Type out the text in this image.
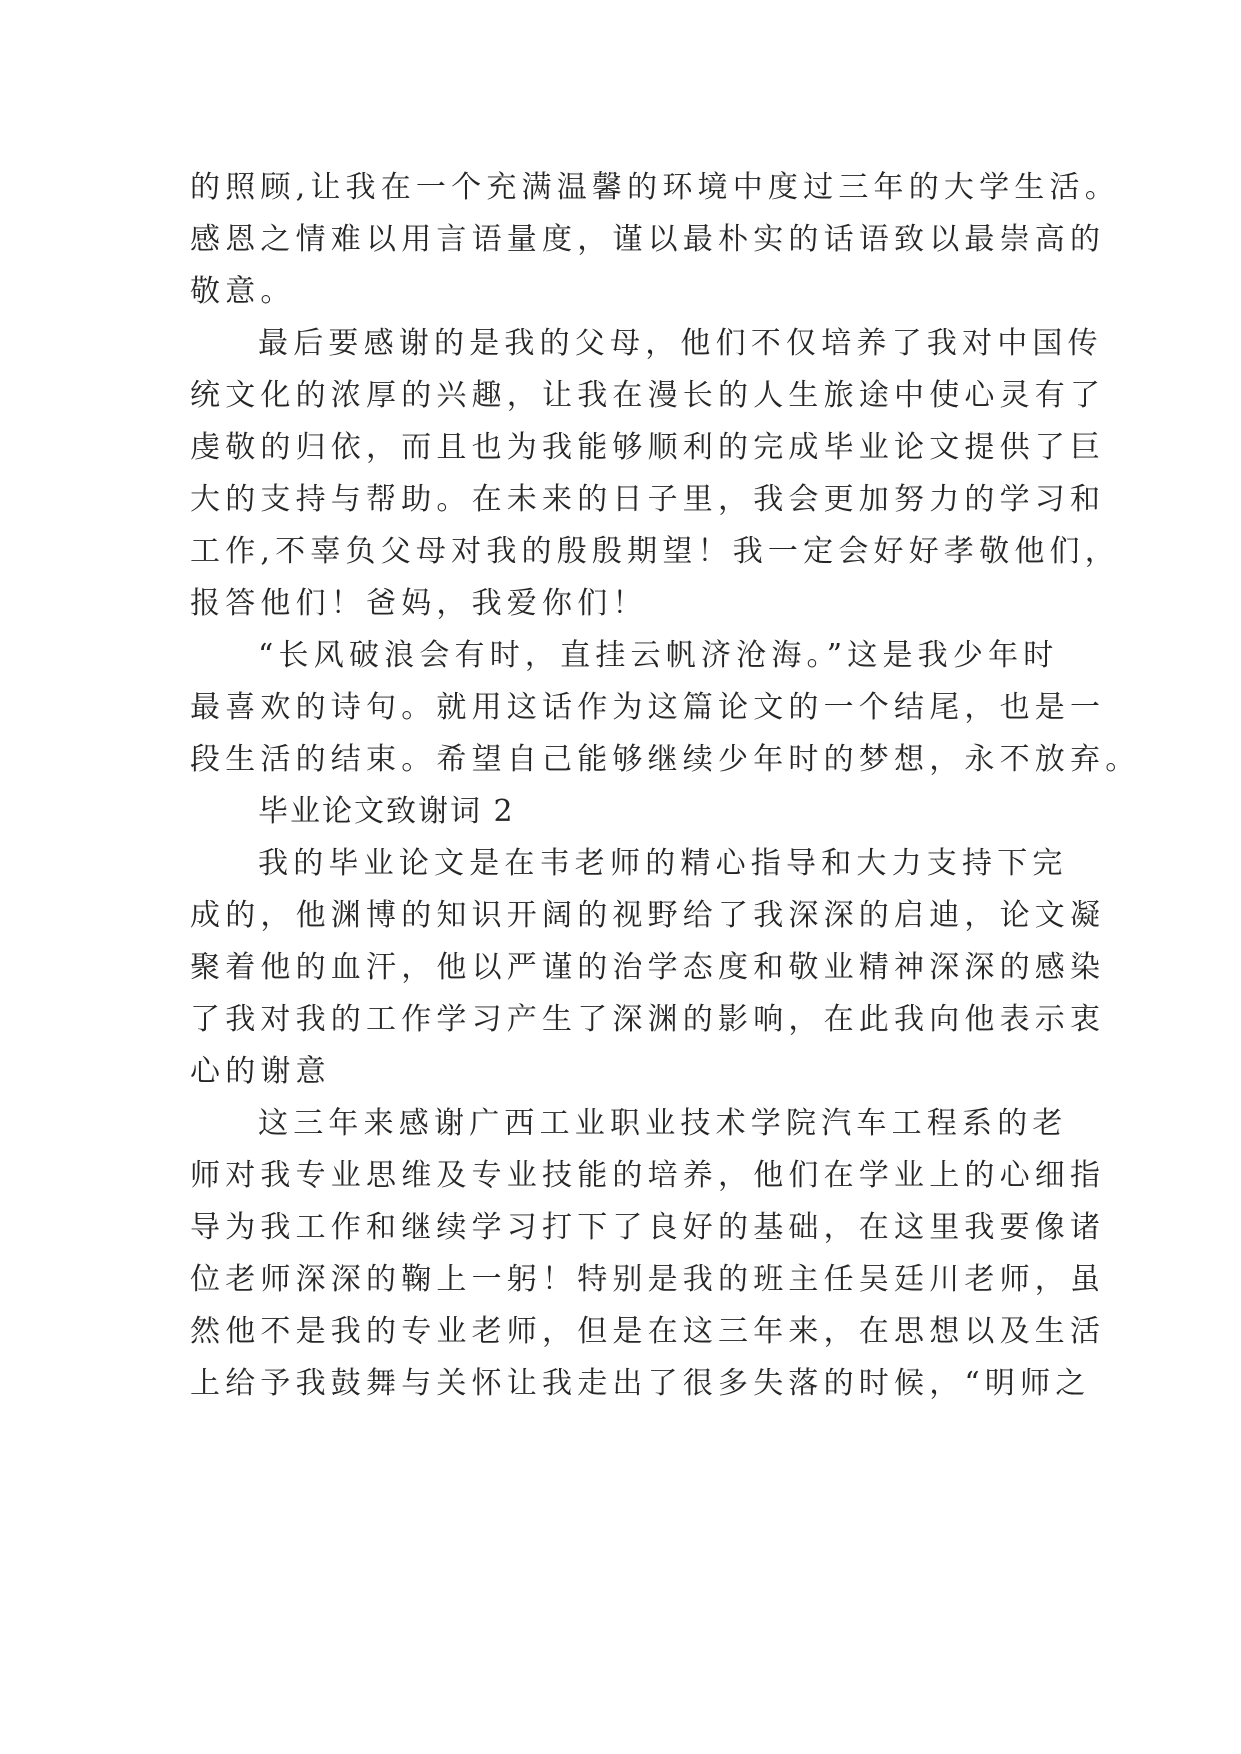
的照顾,让我在一个充满温馨的环境中度过三年的大学生活。
感恩之情难以用言语量度，谨以最朴实的话语致以最崇高的
敬意。
最后要感谢的是我的父母，他们不仅培养了我对中国传
统文化的浓厚的兴趣，让我在漫长的人生旅途中使心灵有了
虔敬的归依，而且也为我能够顺利的完成毕业论文提供了巨
大的支持与帮助。在未来的日子里，我会更加努力的学习和
工作,不辜负父母对我的殷殷期望！我一定会好好孝敬他们，
报答他们！爸妈，我爱你们！
“长风破浪会有时，直挂云帆济沧海。”这是我少年时
最喜欢的诗句。就用这话作为这篇论文的一个结尾，也是一
段生活的结束。希望自己能够继续少年时的梦想，永不放弃。
毕业论文致谢词 2
我的毕业论文是在韦老师的精心指导和大力支持下完
成的，他渊博的知识开阔的视野给了我深深的启迪，论文凝
聚着他的血汗，他以严谨的治学态度和敬业精神深深的感染
了我对我的工作学习产生了深渊的影响，在此我向他表示衷
心的谢意
这三年来感谢广西工业职业技术学院汽车工程系的老
师对我专业思维及专业技能的培养，他们在学业上的心细指
导为我工作和继续学习打下了良好的基础，在这里我要像诸
位老师深深的鞠上一躬！特别是我的班主任吴廷川老师，虽
然他不是我的专业老师，但是在这三年来，在思想以及生活
上给予我鼓舞与关怀让我走出了很多失落的时候，“明师之
